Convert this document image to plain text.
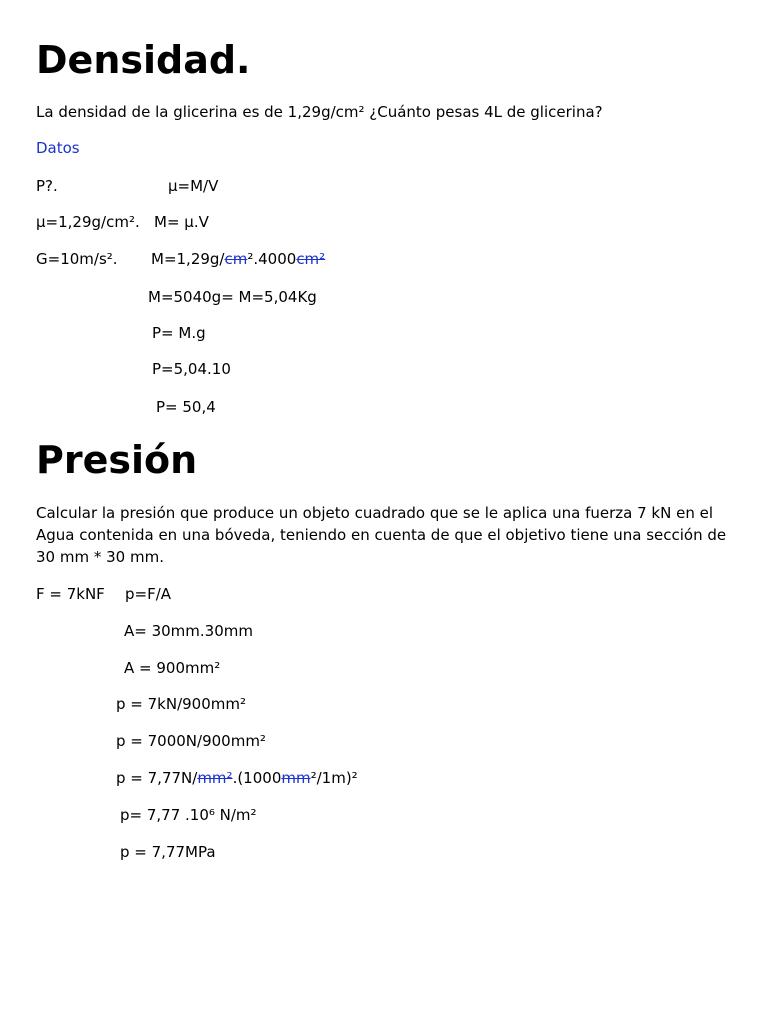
Densidad.

La densidad de la glicerina es de 1,29g/cm² ¿Cuánto pesas 4L de glicerina?

Datos

P?.	μ=M/V

μ=1,29g/cm². M= μ.V

G=10m/s². M=1,29g/cm².4000cm²

M=5040g= M=5,04Kg

P= M.g

P=5,04.10

P= 50,4

Presión

Calcular la presión que produce un objeto cuadrado que se le aplica una fuerza 7 kN en el Agua contenida en una bóveda, teniendo en cuenta de que el objetivo tiene una sección de 30 mm * 30 mm.

F = 7kNF p=F/A

A= 30mm.30mm

A = 900mm²

p = 7kN/900mm²

p = 7000N/900mm²

p = 7,77N/mm².(1000mm²/1m)²

p= 7,77 .10⁶ N/m²

p = 7,77MPa
